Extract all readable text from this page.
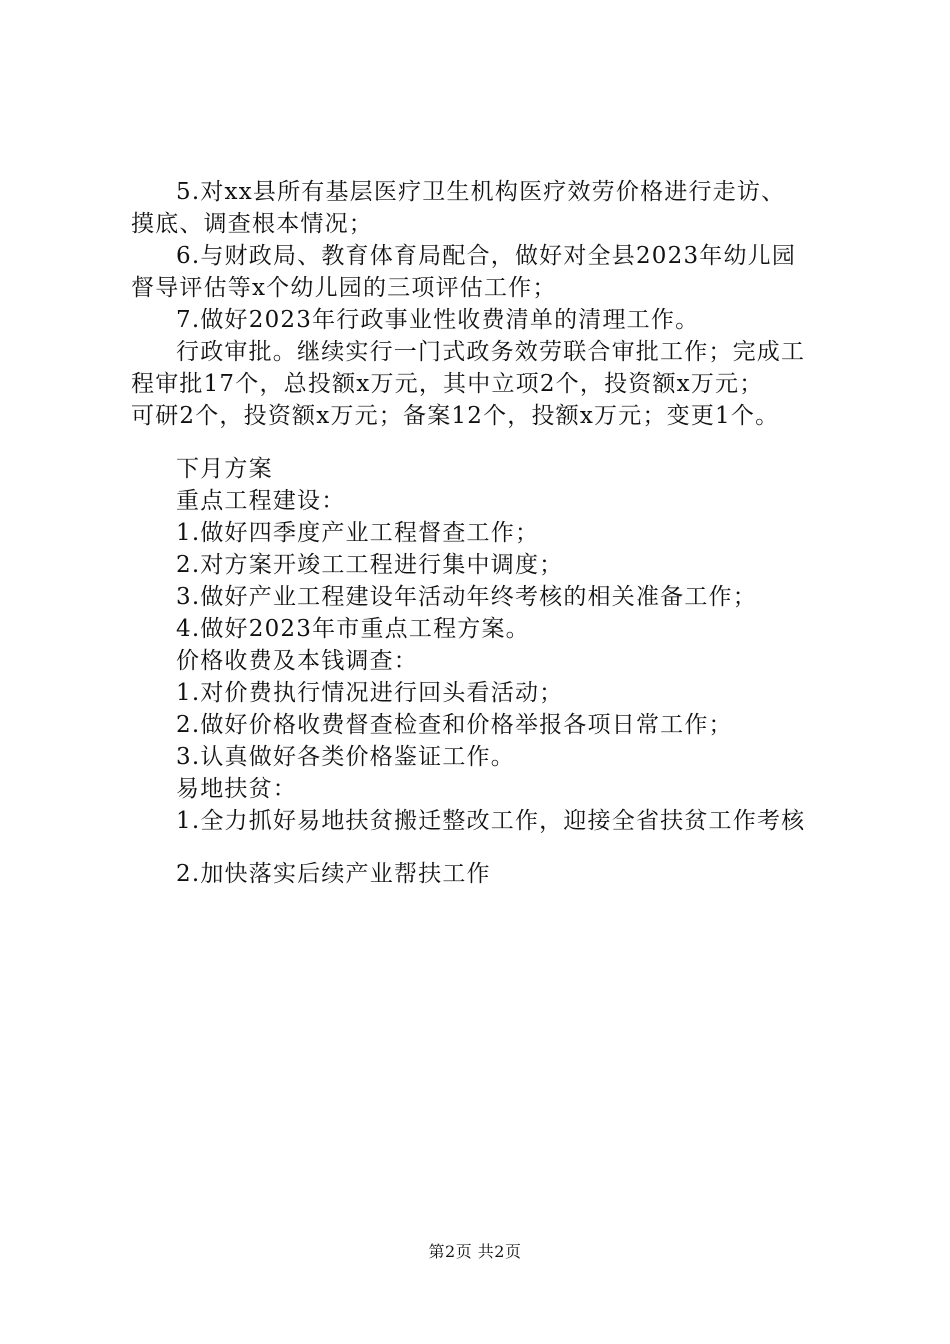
5.对xx县所有基层医疗卫生机构医疗效劳价格进行走访、
摸底、调查根本情况；
6.与财政局、教育体育局配合，做好对全县2023年幼儿园
督导评估等x个幼儿园的三项评估工作；
7.做好2023年行政事业性收费清单的清理工作。
行政审批。继续实行一门式政务效劳联合审批工作；完成工
程审批17个，总投额x万元，其中立项2个，投资额x万元；
可研2个，投资额x万元；备案12个，投额x万元；变更1个。
下月方案
重点工程建设：
1.做好四季度产业工程督查工作；
2.对方案开竣工工程进行集中调度；
3.做好产业工程建设年活动年终考核的相关准备工作；
4.做好2023年市重点工程方案。
价格收费及本钱调查：
1.对价费执行情况进行回头看活动；
2.做好价格收费督查检查和价格举报各项日常工作；
3.认真做好各类价格鉴证工作。
易地扶贫：
1.全力抓好易地扶贫搬迁整改工作，迎接全省扶贫工作考核
2.加快落实后续产业帮扶工作
第2页 共2页
